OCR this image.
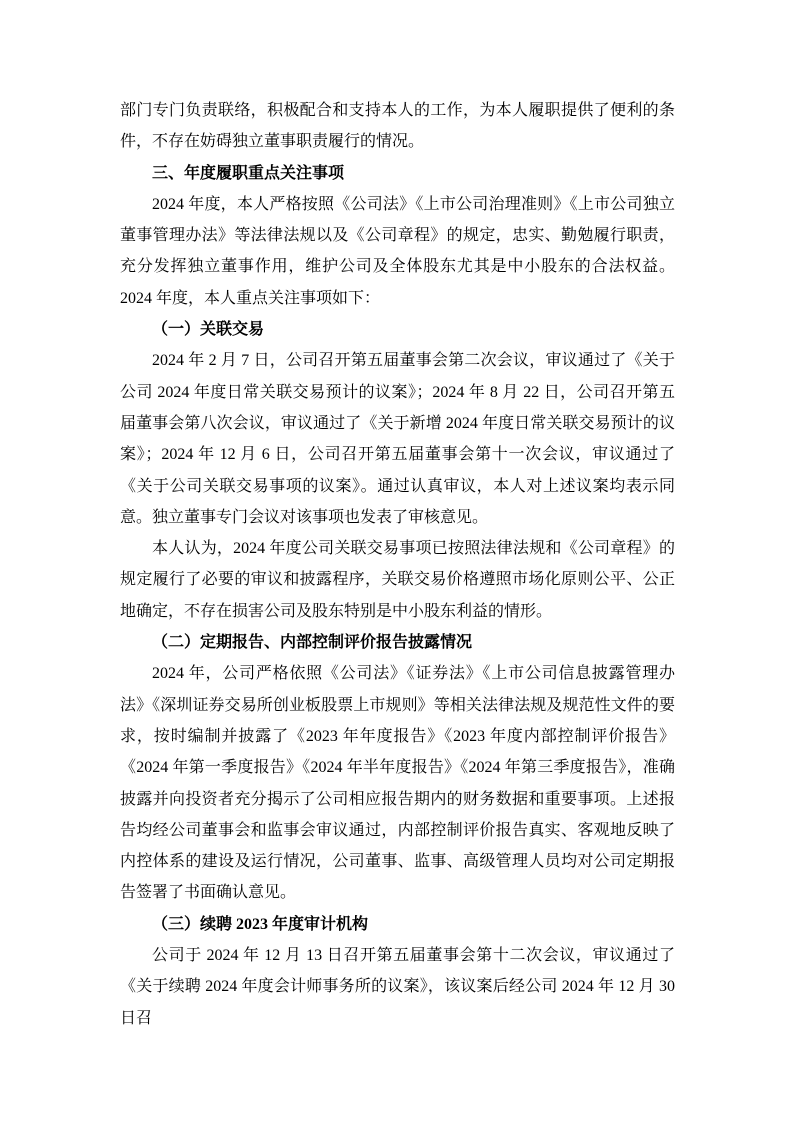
部门专门负责联络，积极配合和支持本人的工作，为本人履职提供了便利的条件，不存在妨碍独立董事职责履行的情况。

三、年度履职重点关注事项

2024 年度，本人严格按照《公司法》《上市公司治理准则》《上市公司独立董事管理办法》等法律法规以及《公司章程》的规定，忠实、勤勉履行职责，充分发挥独立董事作用，维护公司及全体股东尤其是中小股东的合法权益。2024 年度，本人重点关注事项如下：

（一）关联交易

2024 年 2 月 7 日，公司召开第五届董事会第二次会议，审议通过了《关于公司 2024 年度日常关联交易预计的议案》；2024 年 8 月 22 日，公司召开第五届董事会第八次会议，审议通过了《关于新增 2024 年度日常关联交易预计的议案》；2024 年 12 月 6 日，公司召开第五届董事会第十一次会议，审议通过了《关于公司关联交易事项的议案》。通过认真审议，本人对上述议案均表示同意。独立董事专门会议对该事项也发表了审核意见。

本人认为，2024 年度公司关联交易事项已按照法律法规和《公司章程》的规定履行了必要的审议和披露程序，关联交易价格遵照市场化原则公平、公正地确定，不存在损害公司及股东特别是中小股东利益的情形。

（二）定期报告、内部控制评价报告披露情况

2024 年，公司严格依照《公司法》《证券法》《上市公司信息披露管理办法》《深圳证券交易所创业板股票上市规则》等相关法律法规及规范性文件的要求，按时编制并披露了《2023 年年度报告》《2023 年度内部控制评价报告》《2024 年第一季度报告》《2024 年半年度报告》《2024 年第三季度报告》，准确披露并向投资者充分揭示了公司相应报告期内的财务数据和重要事项。上述报告均经公司董事会和监事会审议通过，内部控制评价报告真实、客观地反映了内控体系的建设及运行情况，公司董事、监事、高级管理人员均对公司定期报告签署了书面确认意见。

（三）续聘 2023 年度审计机构

公司于 2024 年 12 月 13 日召开第五届董事会第十二次会议，审议通过了《关于续聘 2024 年度会计师事务所的议案》，该议案后经公司 2024 年 12 月 30 日召
